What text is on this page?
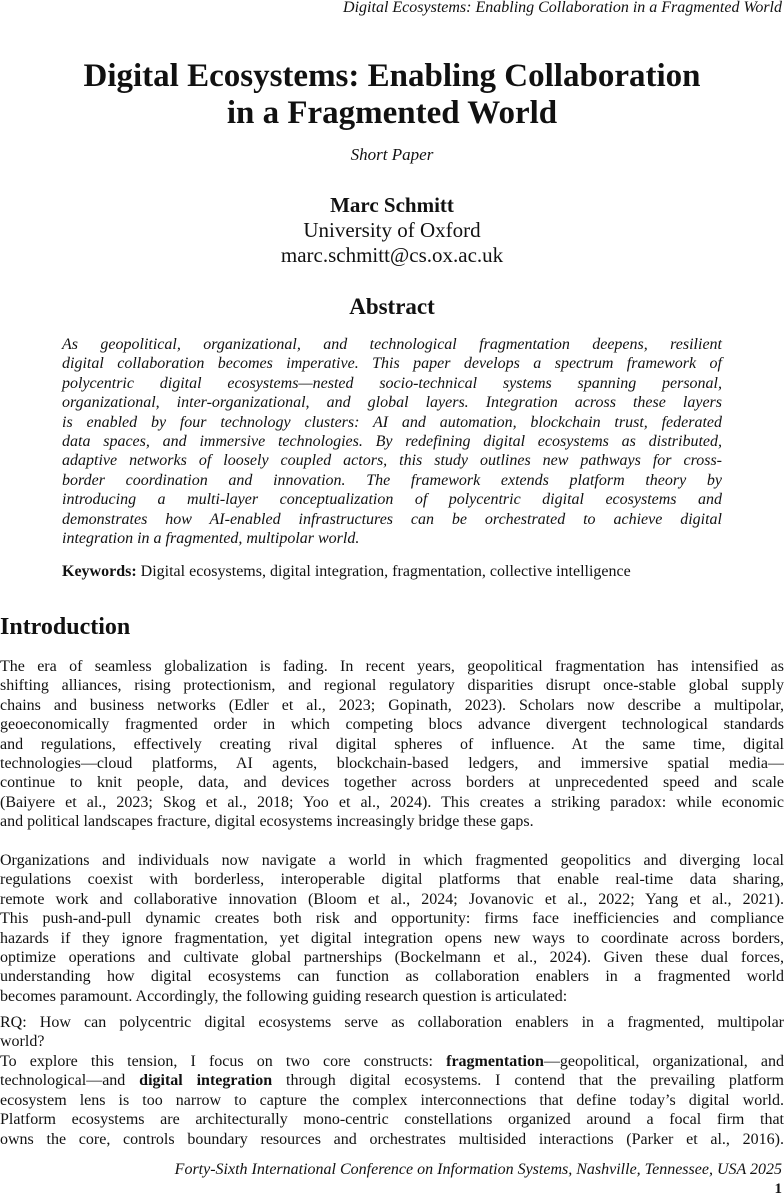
Digital Ecosystems: Enabling Collaboration in a Fragmented World
Digital Ecosystems: Enabling Collaboration
in a Fragmented World
Short Paper
Marc Schmitt
University of Oxford
marc.schmitt@cs.ox.ac.uk
Abstract
As geopolitical, organizational, and technological fragmentation deepens, resilient
digital collaboration becomes imperative. This paper develops a spectrum framework of
polycentric digital ecosystems—nested socio-technical systems spanning personal,
organizational, inter-organizational, and global layers. Integration across these layers
is enabled by four technology clusters: AI and automation, blockchain trust, federated
data spaces, and immersive technologies. By redefining digital ecosystems as distributed,
adaptive networks of loosely coupled actors, this study outlines new pathways for cross-
border coordination and innovation. The framework extends platform theory by
introducing a multi-layer conceptualization of polycentric digital ecosystems and
demonstrates how AI-enabled infrastructures can be orchestrated to achieve digital
integration in a fragmented, multipolar world.
Keywords: Digital ecosystems, digital integration, fragmentation, collective intelligence
Introduction
The era of seamless globalization is fading. In recent years, geopolitical fragmentation has intensified as
shifting alliances, rising protectionism, and regional regulatory disparities disrupt once-stable global supply
chains and business networks (Edler et al., 2023; Gopinath, 2023). Scholars now describe a multipolar,
geoeconomically fragmented order in which competing blocs advance divergent technological standards
and regulations, effectively creating rival digital spheres of influence. At the same time, digital
technologies—cloud platforms, AI agents, blockchain-based ledgers, and immersive spatial media—
continue to knit people, data, and devices together across borders at unprecedented speed and scale
(Baiyere et al., 2023; Skog et al., 2018; Yoo et al., 2024). This creates a striking paradox: while economic
and political landscapes fracture, digital ecosystems increasingly bridge these gaps.
Organizations and individuals now navigate a world in which fragmented geopolitics and diverging local
regulations coexist with borderless, interoperable digital platforms that enable real-time data sharing,
remote work and collaborative innovation (Bloom et al., 2024; Jovanovic et al., 2022; Yang et al., 2021).
This push-and-pull dynamic creates both risk and opportunity: firms face inefficiencies and compliance
hazards if they ignore fragmentation, yet digital integration opens new ways to coordinate across borders,
optimize operations and cultivate global partnerships (Bockelmann et al., 2024). Given these dual forces,
understanding how digital ecosystems can function as collaboration enablers in a fragmented world
becomes paramount. Accordingly, the following guiding research question is articulated:
RQ: How can polycentric digital ecosystems serve as collaboration enablers in a fragmented, multipolar
world?
To explore this tension, I focus on two core constructs: fragmentation—geopolitical, organizational, and
technological—and digital integration through digital ecosystems. I contend that the prevailing platform
ecosystem lens is too narrow to capture the complex interconnections that define today’s digital world.
Platform ecosystems are architecturally mono-centric constellations organized around a focal firm that
owns the core, controls boundary resources and orchestrates multisided interactions (Parker et al., 2016).
Forty-Sixth International Conference on Information Systems, Nashville, Tennessee, USA 2025
1
